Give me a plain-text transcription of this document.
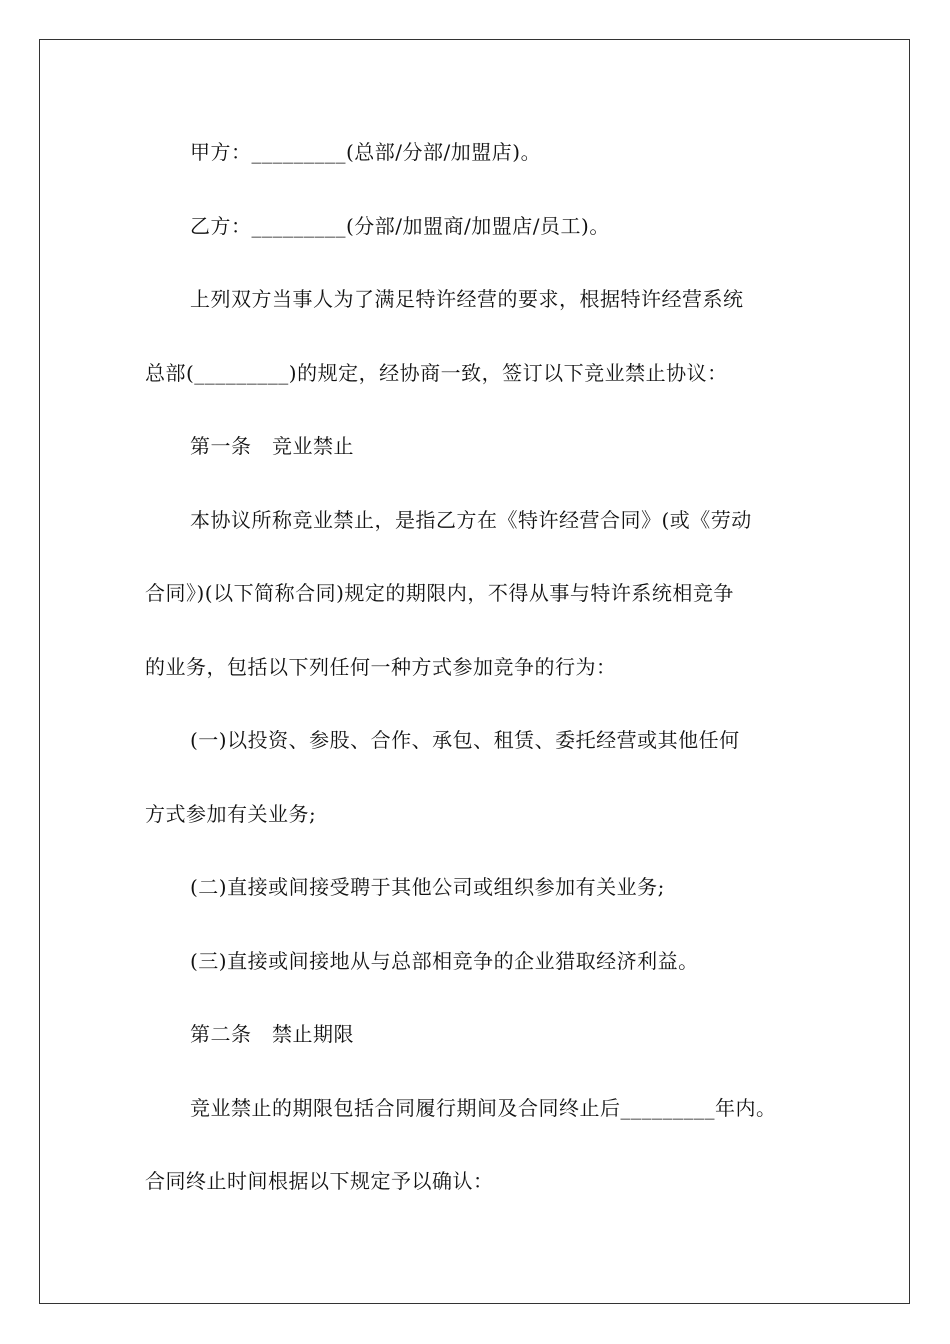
甲方：_________(总部/分部/加盟店)。
乙方：_________(分部/加盟商/加盟店/员工)。
上列双方当事人为了满足特许经营的要求，根据特许经营系统
总部(_________)的规定，经协商一致，签订以下竞业禁止协议：
第一条　竞业禁止
本协议所称竞业禁止，是指乙方在《特许经营合同》(或《劳动
合同》)(以下简称合同)规定的期限内，不得从事与特许系统相竞争
的业务，包括以下列任何一种方式参加竞争的行为：
(一)以投资、参股、合作、承包、租赁、委托经营或其他任何
方式参加有关业务;
(二)直接或间接受聘于其他公司或组织参加有关业务;
(三)直接或间接地从与总部相竞争的企业猎取经济利益。
第二条　禁止期限
竞业禁止的期限包括合同履行期间及合同终止后_________年内。
合同终止时间根据以下规定予以确认：
